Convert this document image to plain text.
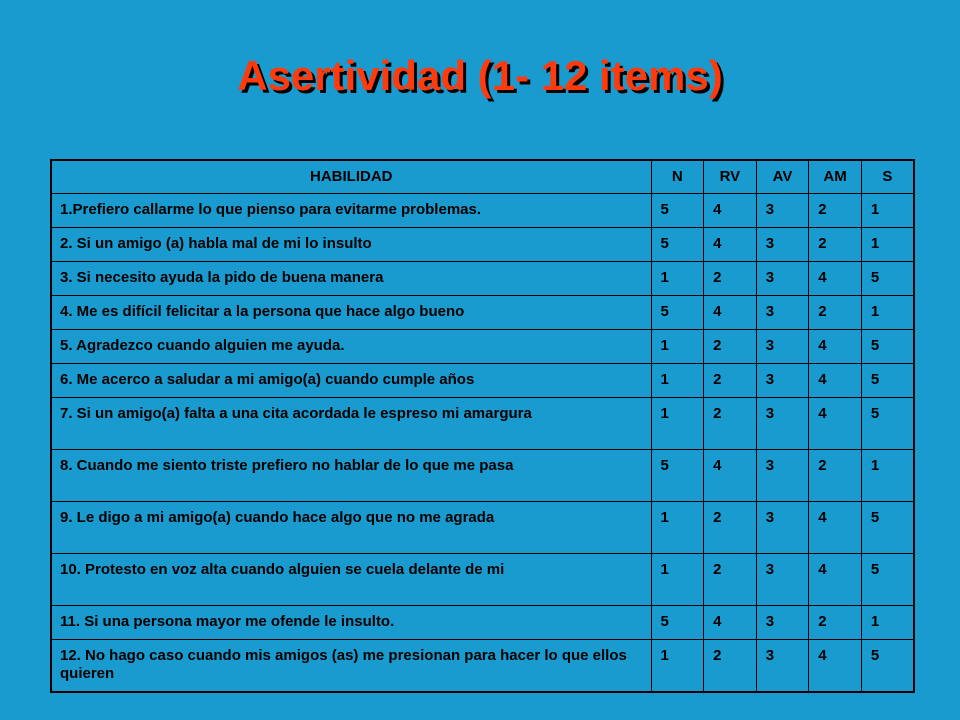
Asertividad (1- 12 items)
HABILIDAD	N	RV	AV	AM	S
1.Prefiero callarme lo que pienso para evitarme problemas.	5	4	3	2	1
2. Si un amigo (a) habla mal de mi lo insulto	5	4	3	2	1
3. Si necesito ayuda la pido de buena manera	1	2	3	4	5
4. Me es difícil felicitar a la persona que hace algo bueno	5	4	3	2	1
5. Agradezco cuando alguien me ayuda.	1	2	3	4	5
6. Me acerco a saludar a mi amigo(a) cuando cumple años	1	2	3	4	5
7. Si un amigo(a) falta a una cita acordada le espreso mi amargura	1	2	3	4	5
8. Cuando me siento triste prefiero no hablar de lo que me pasa	5	4	3	2	1
9. Le digo a mi amigo(a) cuando hace algo que no me agrada	1	2	3	4	5
10. Protesto en voz alta cuando alguien se cuela delante de mi	1	2	3	4	5
11. Si una persona mayor me ofende le insulto.	5	4	3	2	1
12. No hago caso cuando mis amigos (as) me presionan para hacer lo que ellos quieren	1	2	3	4	5
